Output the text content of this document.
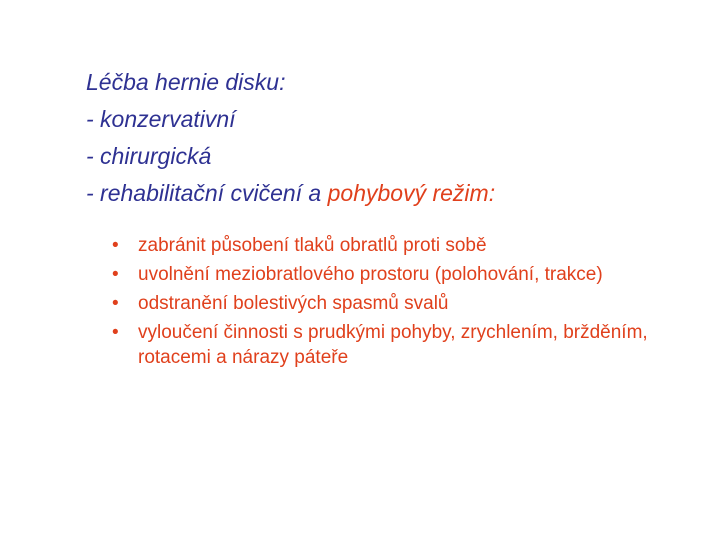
Léčba hernie disku:
- konzervativní
- chirurgická
- rehabilitační cvičení a pohybový režim:
• zabránit působení tlaků obratlů proti sobě
• uvolnění meziobratlového prostoru (polohování, trakce)
• odstranění bolestivých spasmů svalů
• vyloučení činnosti s prudkými pohyby, zrychlením, bržděním, rotacemi a nárazy páteře
